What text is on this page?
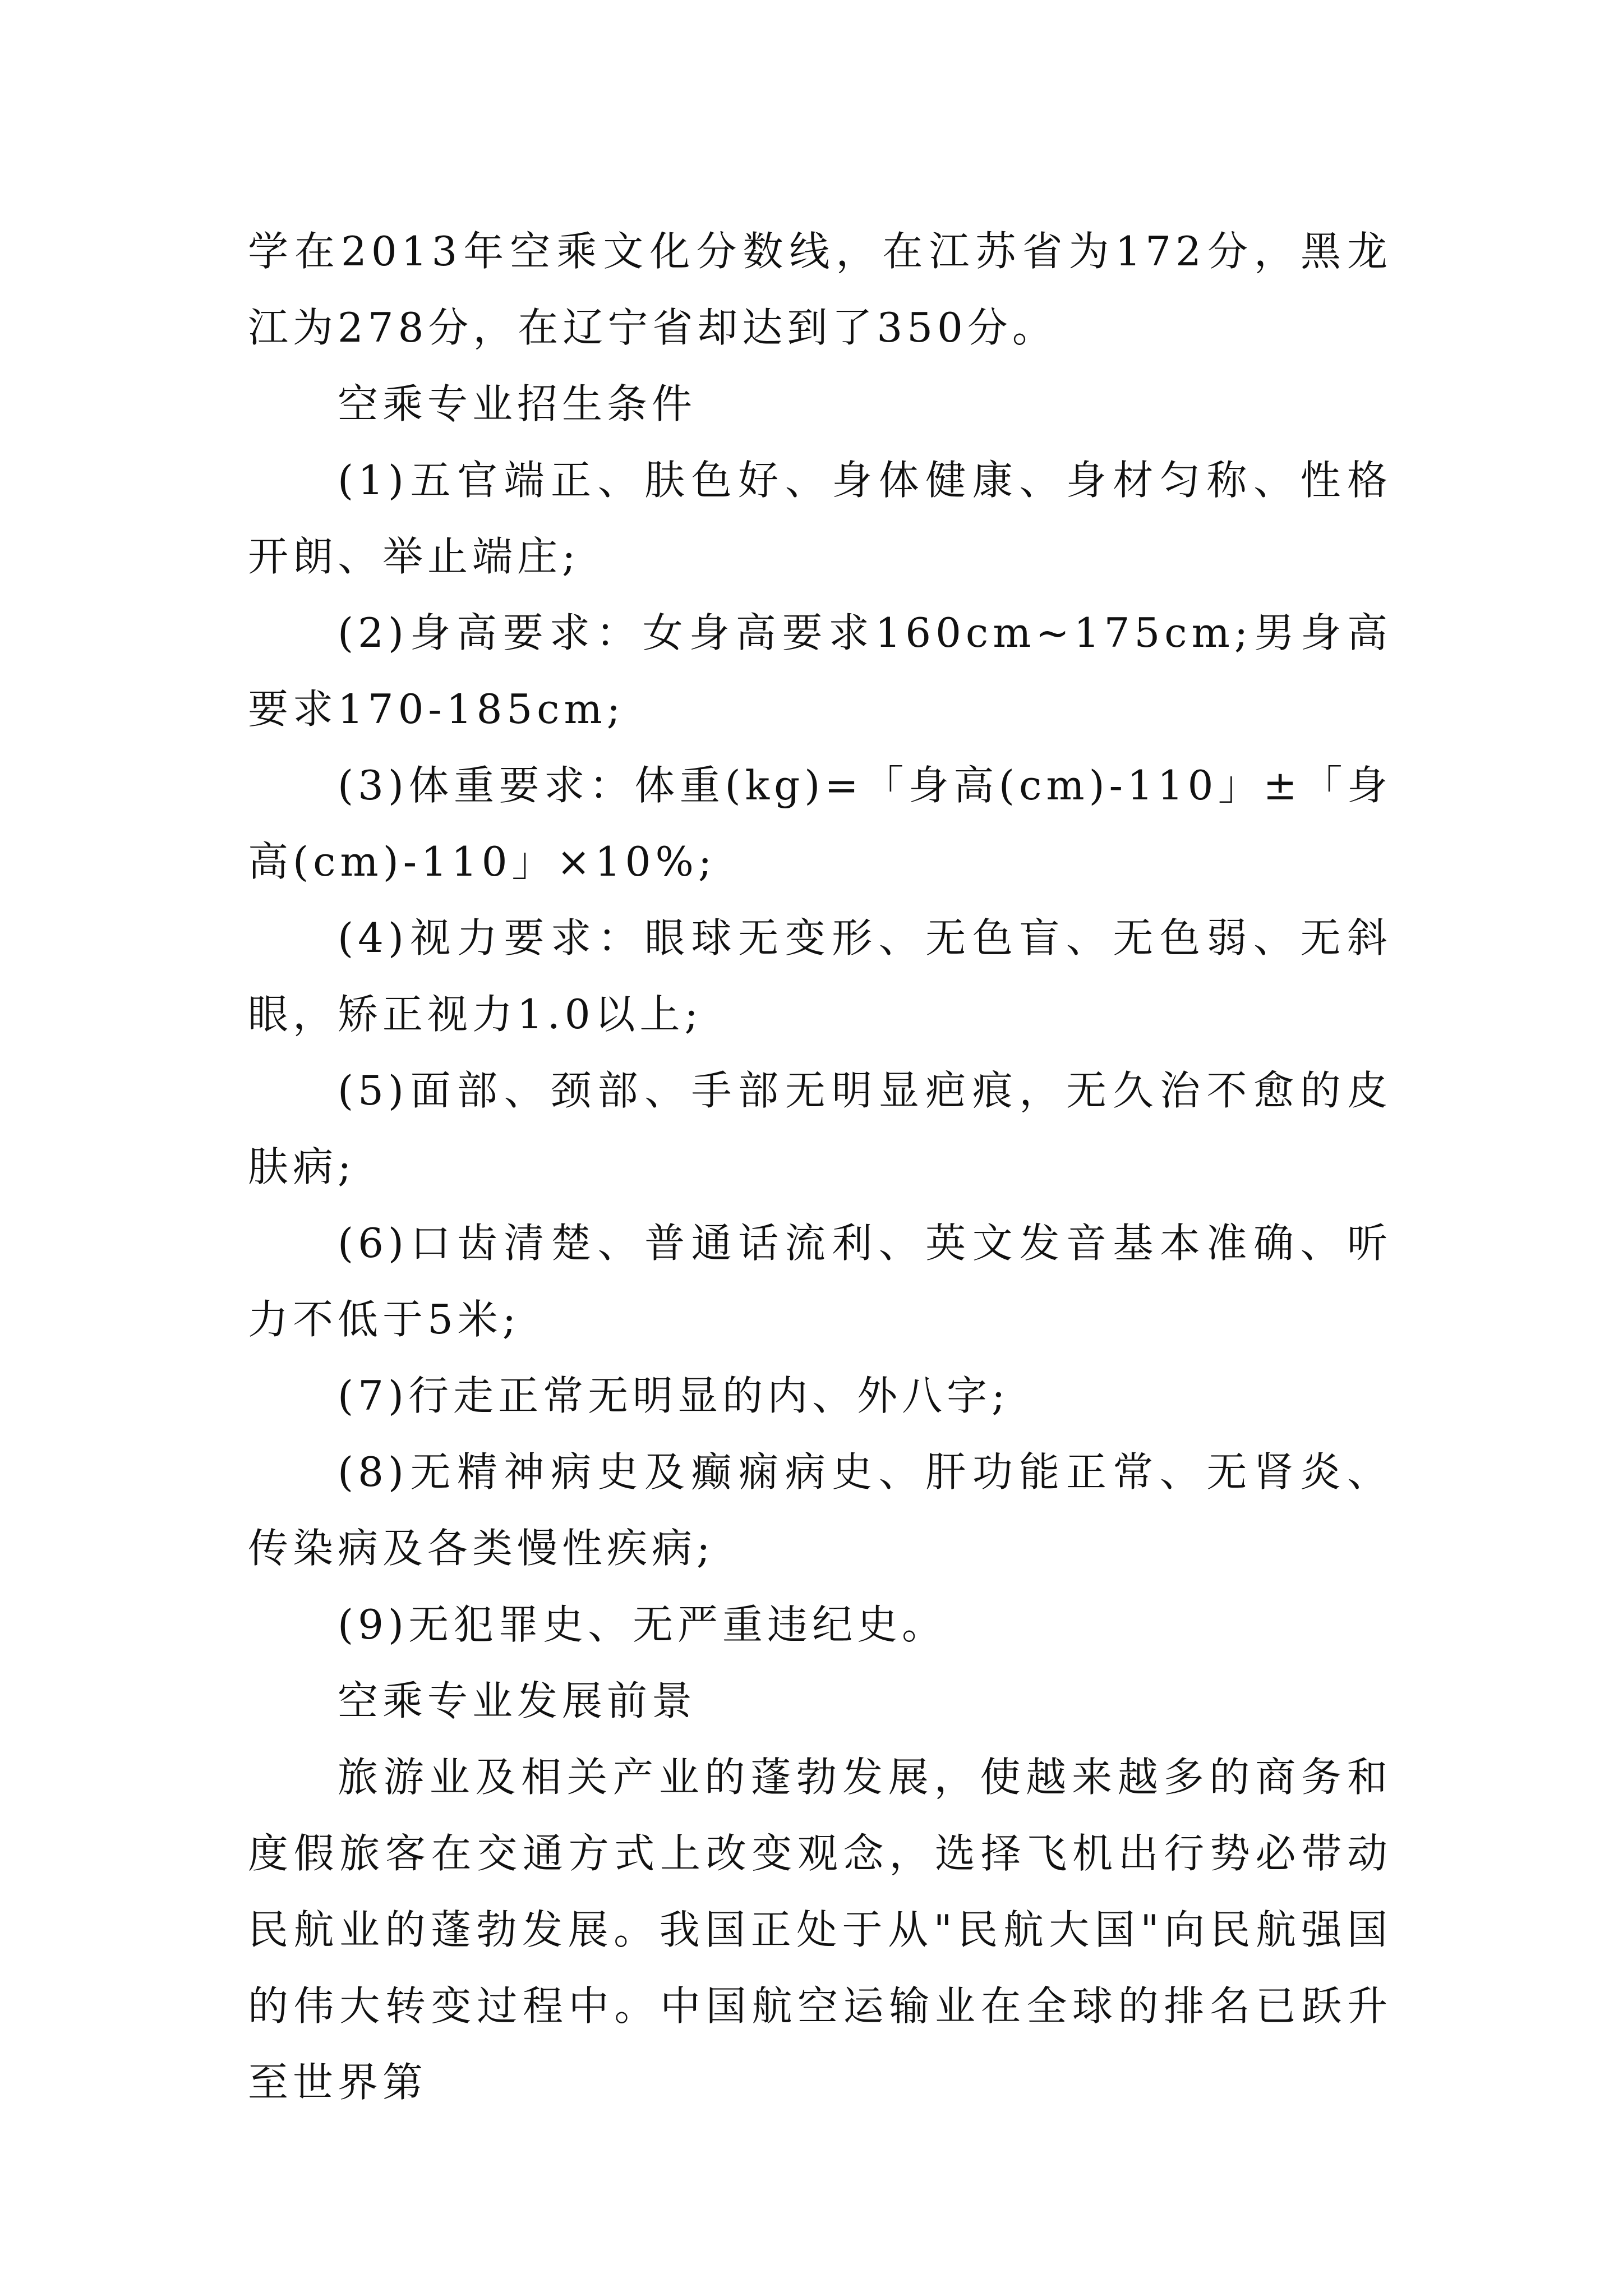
学在2013年空乘文化分数线，在江苏省为172分，黑龙江为278分，在辽宁省却达到了350分。

空乘专业招生条件

(1)五官端正、肤色好、身体健康、身材匀称、性格开朗、举止端庄;

(2)身高要求：女身高要求160cm~175cm;男身高要求170-185cm;

(3)体重要求：体重(kg)=「身高(cm)-110」±「身高(cm)-110」×10%;

(4)视力要求：眼球无变形、无色盲、无色弱、无斜眼，矫正视力1.0以上;

(5)面部、颈部、手部无明显疤痕，无久治不愈的皮肤病;

(6)口齿清楚、普通话流利、英文发音基本准确、听力不低于5米;

(7)行走正常无明显的内、外八字;

(8)无精神病史及癫痫病史、肝功能正常、无肾炎、传染病及各类慢性疾病;

(9)无犯罪史、无严重违纪史。

空乘专业发展前景

旅游业及相关产业的蓬勃发展，使越来越多的商务和度假旅客在交通方式上改变观念，选择飞机出行势必带动民航业的蓬勃发展。我国正处于从"民航大国"向民航强国的伟大转变过程中。中国航空运输业在全球的排名已跃升至世界第
